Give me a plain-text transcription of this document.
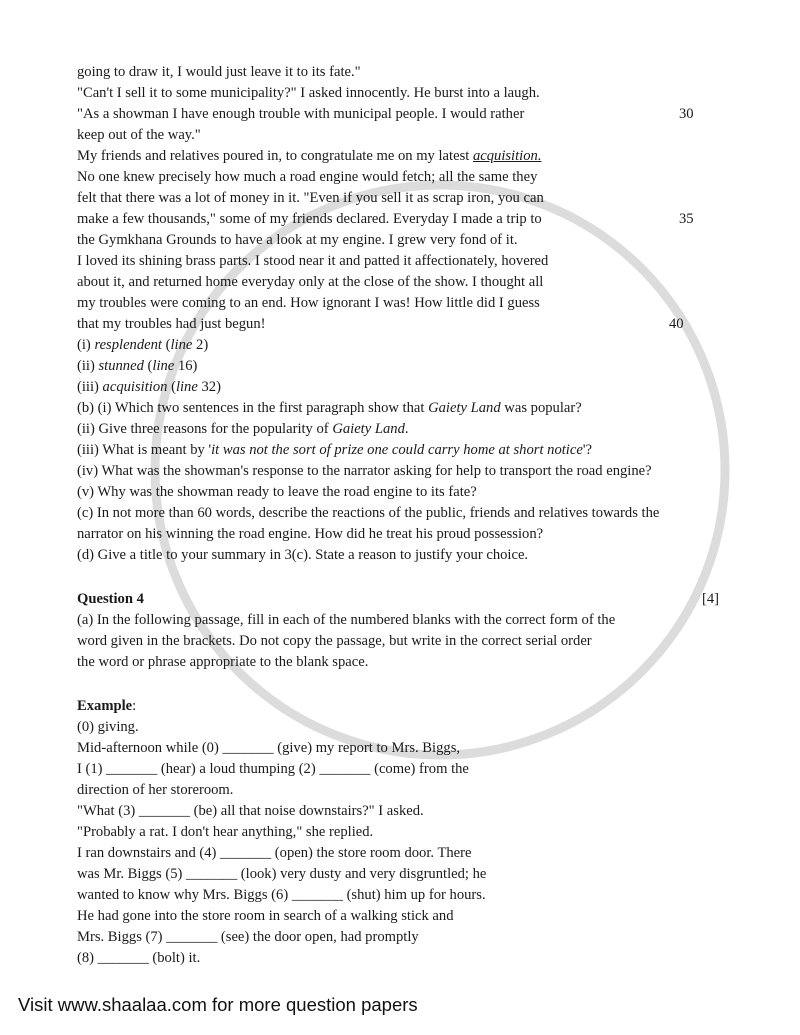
going to draw it, I would just leave it to its fate."
"Can't I sell it to some municipality?" I asked innocently. He burst into a laugh.
"As a showman I have enough trouble with municipal people. I would rather
keep out of the way."
My friends and relatives poured in, to congratulate me on my latest acquisition.
No one knew precisely how much a road engine would fetch; all the same they
felt that there was a lot of money in it. "Even if you sell it as scrap iron, you can
make a few thousands," some of my friends declared. Everyday I made a trip to
the Gymkhana Grounds to have a look at my engine. I grew very fond of it.
I loved its shining brass parts. I stood near it and patted it affectionately, hovered
about it, and returned home everyday only at the close of the show. I thought all
my troubles were coming to an end. How ignorant I was! How little did I guess
that my troubles had just begun!
(i) resplendent (line 2)
(ii) stunned (line 16)
(iii) acquisition (line 32)
(b) (i) Which two sentences in the first paragraph show that Gaiety Land was popular?
(ii) Give three reasons for the popularity of Gaiety Land.
(iii) What is meant by 'it was not the sort of prize one could carry home at short notice'?
(iv) What was the showman's response to the narrator asking for help to transport the road engine?
(v) Why was the showman ready to leave the road engine to its fate?
(c) In not more than 60 words, describe the reactions of the public, friends and relatives towards the
narrator on his winning the road engine. How did he treat his proud possession?
(d) Give a title to your summary in 3(c). State a reason to justify your choice.
Question 4
(a) In the following passage, fill in each of the numbered blanks with the correct form of the
word given in the brackets. Do not copy the passage, but write in the correct serial order
the word or phrase appropriate to the blank space.
Example:
(0) giving.
Mid-afternoon while (0) _______ (give) my report to Mrs. Biggs,
I (1) _______ (hear) a loud thumping (2) _______ (come) from the
direction of her storeroom.
"What (3) _______ (be) all that noise downstairs?" I asked.
"Probably a rat. I don't hear anything," she replied.
I ran downstairs and (4) _______ (open) the store room door. There
was Mr. Biggs (5) _______ (look) very dusty and very disgruntled; he
wanted to know why Mrs. Biggs (6) _______ (shut) him up for hours.
He had gone into the store room in search of a walking stick and
Mrs. Biggs (7) _______ (see) the door open, had promptly
(8) _______ (bolt) it.
[4]
Visit www.shaalaa.com for more question papers
30
35
40
